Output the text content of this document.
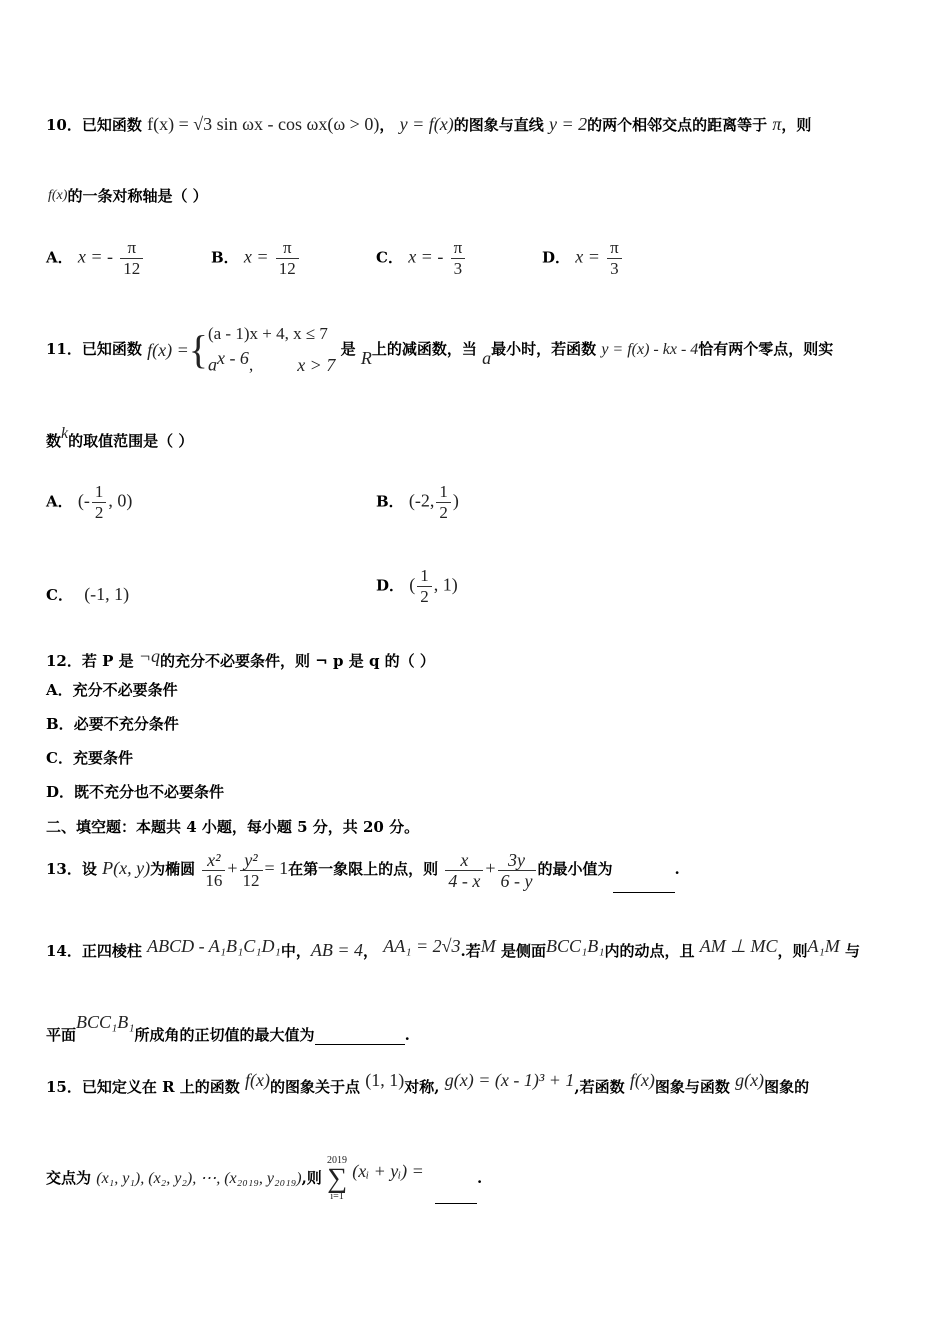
10．已知函数 f(x) = √3 sin ωx - cos ωx(ω > 0)， y = f(x)的图象与直线 y = 2的两个相邻交点的距离等于 π，则
f(x)的一条对称轴是（ ）
A． x = - $\frac{\pi}{12}$	B． $x = \frac{\pi}{12}$	C． x = - $\frac{\pi}{3}$	D． $x = \frac{\pi}{3}$
11．已知函数 f(x) ={ (a - 1)x + 4, x ≤ 7
$a^{x - 6}$, x > 7
是 R上的减函数，当 a最小时，若函数 y = f(x) - kx - 4恰有两个零点，则实
数k的取值范围是（ ）
A． (- $\frac{1}{2}$ , 0)	B． (-2, $\frac{1}{2}$ )
C． (-1, 1)	D． ( $\frac{1}{2}$ , 1)
12．若 P 是 ¬q的充分不必要条件，则 ¬ p 是 q 的（ ）
A．充分不必要条件
B．必要不充分条件
C．充要条件
D．既不充分也不必要条件
二、填空题：本题共 4 小题，每小题 5 分，共 20 分。
13．设 P(x, y)为椭圆 $\frac{\text{x²}}{16} + \frac{\text{y²}}{12} = 1$在第一象限上的点，则 $\frac{x}{4 - x} + \frac{3y}{6 - y}$ 的最小值为	.
14．正四棱柱 ABCD - A₁B₁C₁D₁中，AB = 4， AA₁ = 2√3.若M 是侧面BCC₁B₁内的动点，且 AM ⊥ MC，则A₁M 与
平面BCC₁B₁所成角的正切值的最大值为	.
15．已知定义在 R 上的函数 f(x)的图象关于点 (1, 1)对称, g(x) = (x - 1)³ + 1,若函数 f(x)图象与函数 g(x)图象的
交点为 (x₁, y₁), (x₂, y₂), ⋯, (x₂₀₁₉, y₂₀₁₉),则
2019
∑
i=1
(xᵢ + yᵢ) =	.
